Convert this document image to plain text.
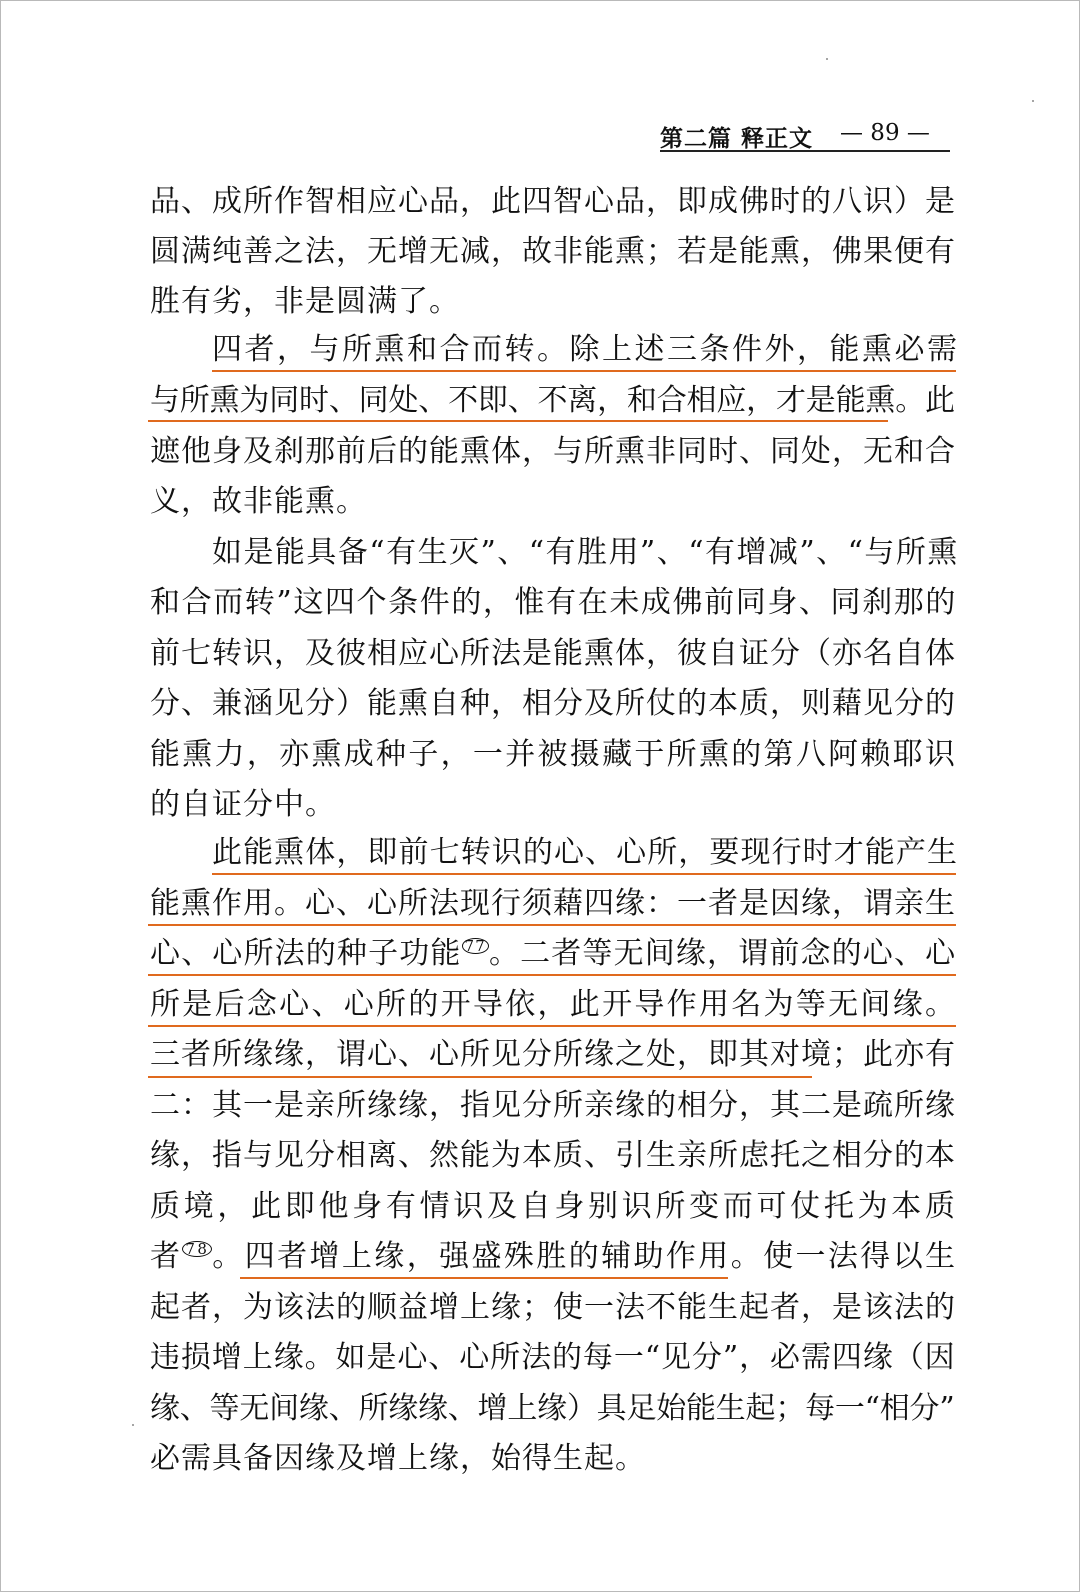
第二篇 释正文 — 89 —
品、成所作智相应心品，此四智心品，即成佛时的八识）是
圆满纯善之法，无增无减，故非能熏；若是能熏，佛果便有
胜有劣，非是圆满了。
四者，与所熏和合而转。除上述三条件外，能熏必需
与所熏为同时、同处、不即、不离，和合相应，才是能熏。此
遮他身及刹那前后的能熏体，与所熏非同时、同处，无和合
义，故非能熏。
如是能具备“有生灭”、“有胜用”、“有增减”、“与所熏
和合而转”这四个条件的，惟有在未成佛前同身、同刹那的
前七转识，及彼相应心所法是能熏体，彼自证分（亦名自体
分、兼涵见分）能熏自种，相分及所仗的本质，则藉见分的
能熏力，亦熏成种子，一并被摄藏于所熏的第八阿赖耶识
的自证分中。
此能熏体，即前七转识的心、心所，要现行时才能产生
能熏作用。心、心所法现行须藉四缘：一者是因缘，谓亲生
心、心所法的种子功能 77 。二者等无间缘，谓前念的心、心
所是后念心、心所的开导依，此开导作用名为等无间缘。
三者所缘缘，谓心、心所见分所缘之处，即其对境；此亦有
二：其一是亲所缘缘，指见分所亲缘的相分，其二是疏所缘
缘，指与见分相离、然能为本质、引生亲所虑托之相分的本
质境，此即他身有情识及自身别识所变而可仗托为本质
者 78 。四者增上缘，强盛殊胜的辅助作用。使一法得以生
起者，为该法的顺益增上缘；使一法不能生起者，是该法的
违损增上缘。如是心、心所法的每一“见分”，必需四缘（因
缘、等无间缘、所缘缘、增上缘）具足始能生起；每一“相分”
必需具备因缘及增上缘，始得生起。
